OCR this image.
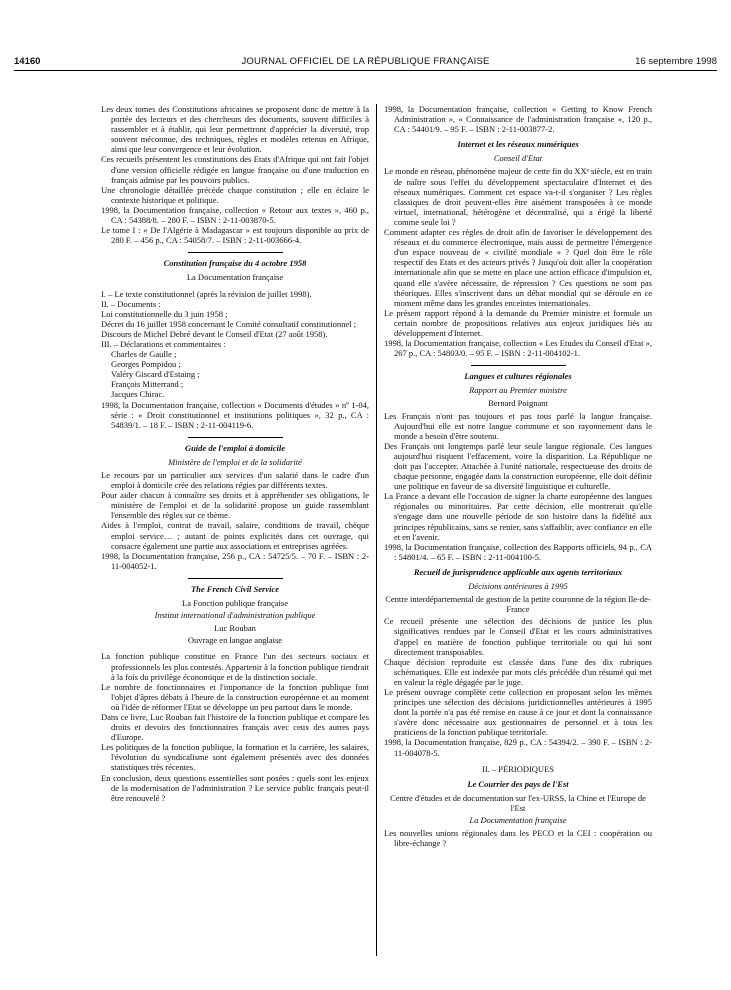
14160	JOURNAL OFFICIEL DE LA RÉPUBLIQUE FRANÇAISE	16 septembre 1998

Les deux tomes des Constitutions africaines se proposent donc de mettre à la portée des lecteurs et des chercheurs des documents, souvent difficiles à rassembler et à établir, qui leur permettront d'apprécier la diversité, trop souvent méconnue, des techniques, règles et modèles retenus en Afrique, ainsi que leur convergence et leur évolution.

Ces recueils présentent les constitutions des Etats d'Afrique qui ont fait l'objet d'une version officielle rédigée en langue française ou d'une traduction en français admise par les pouvoirs publics.

Une chronologie détaillée précède chaque constitution ; elle en éclaire le contexte historique et politique.

1998, la Documentation française, collection « Retour aux textes », 460 p., CA : 54388/8. – 280 F. – ISBN : 2-11-003870-5.

Le tome I : « De l'Algérie à Madagascar » est toujours disponible au prix de 280 F. – 456 p., CA : 54058/7. – ISBN : 2-11-003666-4.

Constitution française du 4 octobre 1958

La Documentation française

I. – Le texte constitutionnel (après la révision de juillet 1998).

II. – Documents :

Loi constitutionnelle du 3 juin 1958 ;

Décret du 16 juillet 1958 concernant le Comité consultatif constitutionnel ;

Discours de Michel Debré devant le Conseil d'Etat (27 août 1958).

III. – Déclarations et commentaires :

Charles de Gaulle ;

Georges Pompidou ;

Valéry Giscard d'Estaing ;

François Mitterrand ;

Jacques Chirac.

1998, la Documentation française, collection « Documents d'études » nº 1-04, série : « Droit constitutionnel et institutions politiques », 32 p., CA : 54839/1. – 18 F. – ISBN : 2-11-004119-6.

Guide de l'emploi à domicile

Ministère de l'emploi et de la solidarité

Le recours par un particulier aux services d'un salarié dans le cadre d'un emploi à domicile crée des relations régies par différents textes.

Pour aider chacun à connaître ses droits et à appréhender ses obligations, le ministère de l'emploi et de la solidarité propose un guide rassemblant l'ensemble des règles sur ce thème.

Aides à l'emploi, contrat de travail, salaire, conditions de travail, chèque emploi service… ; autant de points explicités dans cet ouvrage, qui consacre également une partie aux associations et entreprises agréées.

1998, la Documentation française, 256 p., CA : 54725/5. – 70 F. – ISBN : 2-11-004052-1.

The French Civil Service

La Fonction publique française

Institut international d'administration publique

Luc Rouban

Ouvrage en langue anglaise

La fonction publique constitue en France l'un des secteurs sociaux et professionnels les plus contestés. Appartenir à la fonction publique tiendrait à la fois du privilège économique et de la distinction sociale.

Le nombre de fonctionnaires et l'importance de la fonction publique font l'objet d'âpres débats à l'heure de la construction européenne et au moment où l'idée de réformer l'Etat se développe un peu partout dans le monde.

Dans ce livre, Luc Rouban fait l'histoire de la fonction publique et compare les droits et devoirs des fonctionnaires français avec ceux des autres pays d'Europe.

Les politiques de la fonction publique, la formation et la carrière, les salaires, l'évolution du syndicalisme sont également présentés avec des données statistiques très récentes.

En conclusion, deux questions essentielles sont posées : quels sont les enjeux de la modernisation de l'administration ? Le service public français peut-il être renouvelé ?

1998, la Documentation française, collection « Getting to Know French Administration », « Connaissance de l'administration française », 120 p., CA : 54401/9. – 95 F. – ISBN : 2-11-003877-2.

Internet et les réseaux numériques

Conseil d'Etat

Le monde en réseau, phénomène majeur de cette fin du XXᵉ siècle, est en train de naître sous l'effet du développement spectaculaire d'Internet et des réseaux numériques. Comment cet espace va-t-il s'organiser ? Les règles classiques de droit peuvent-elles être aisément transposées à ce monde virtuel, international, hétérogène et décentralisé, qui a érigé la liberté comme seule loi ?

Comment adapter ces règles de droit afin de favoriser le développement des réseaux et du commerce électronique, mais aussi de permettre l'émergence d'un espace nouveau de « civilité mondiale » ? Quel doit être le rôle respectif des Etats et des acteurs privés ? Jusqu'où doit aller la coopération internationale afin que se mette en place une action efficace d'impulsion et, quand elle s'avère nécessaire, de répression ? Ces questions ne sont pas théoriques. Elles s'inscrivent dans un débat mondial qui se déroule en ce moment même dans les grandes enceintes internationales.

Le présent rapport répond à la demande du Premier ministre et formule un certain nombre de propositions relatives aux enjeux juridiques liés au développement d'Internet.

1998, la Documentation française, collection « Les Etudes du Conseil d'Etat », 267 p., CA : 54803/0. – 95 F. – ISBN : 2-11-004102-1.

Langues et cultures régionales

Rapport au Premier ministre

Bernard Poignant

Les Français n'ont pas toujours et pas tous parlé la langue française. Aujourd'hui elle est notre langue commune et son rayonnement dans le monde a besoin d'être soutenu.

Des Français ont longtemps parlé leur seule langue régionale. Ces langues aujourd'hui risquent l'effacement, voire la disparition. La République ne doit pas l'accepter. Attachée à l'unité nationale, respectueuse des droits de chaque personne, engagée dans la construction européenne, elle doit définir une politique en faveur de sa diversité linguistique et culturelle.

La France a devant elle l'occasion de signer la charte européenne des langues régionales ou minoritaires. Par cette décision, elle montrerait qu'elle s'engage dans une nouvelle période de son histoire dans la fidélité aux principes républicains, sans se renier, sans s'affaiblir, avec confiance en elle et en l'avenir.

1998, la Documentation française, collection des Rapports officiels, 94 p., CA : 54801/4. – 65 F. – ISBN : 2-11-004100-5.

Recueil de jurisprudence applicable aux agents territoriaux

Décisions antérieures à 1995

Centre interdépartemental de gestion de la petite couronne de la région Ile-de-France

Ce recueil présente une sélection des décisions de justice les plus significatives rendues par le Conseil d'Etat et les cours administratives d'appel en matière de fonction publique territoriale ou qui lui sont directement transposables.

Chaque décision reproduite est classée dans l'une des dix rubriques schématiques. Elle est indexée par mots clés précédée d'un résumé qui met en valeur la règle dégagée par le juge.

Le présent ouvrage complète cette collection en proposant selon les mêmes principes une sélection des décisions juridictionnelles antérieures à 1995 dont la portée n'a pas été remise en cause à ce jour et dont la connaissance s'avère donc nécessaire aux gestionnaires de personnel et à tous les praticiens de la fonction publique territoriale.

1998, la Documentation française, 829 p., CA : 54394/2. – 390 F. – ISBN : 2-11-004078-5.

II. – PÉRIODIQUES

Le Courrier des pays de l'Est

Centre d'études et de documentation sur l'ex-URSS, la Chine et l'Europe de l'Est

La Documentation française

Les nouvelles unions régionales dans les PECO et la CEI : coopération ou libre-échange ?
